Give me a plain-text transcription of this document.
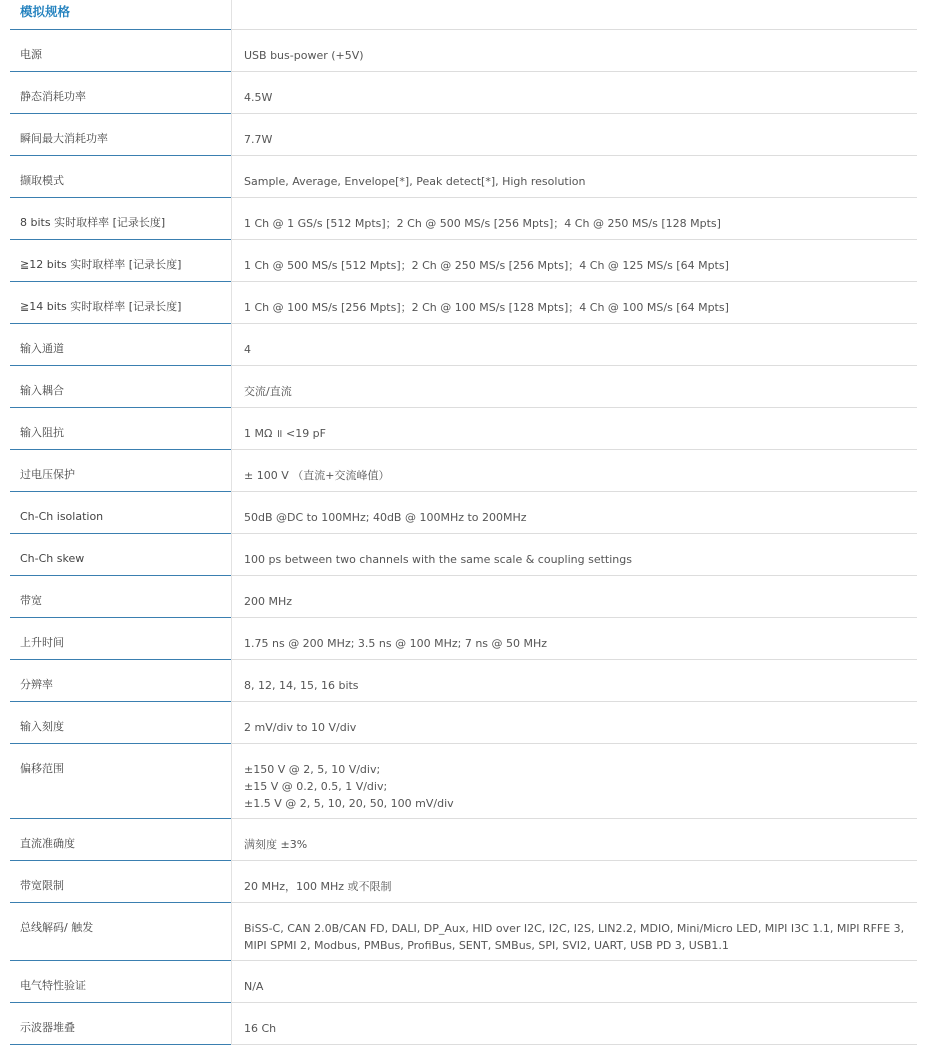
模拟规格
电源	USB bus-power (+5V)
静态消耗功率	4.5W
瞬间最大消耗功率	7.7W
撷取模式	Sample, Average, Envelope[*], Peak detect[*], High resolution
8 bits 实时取样率 [记录长度]	1 Ch @ 1 GS/s [512 Mpts]；2 Ch @ 500 MS/s [256 Mpts]；4 Ch @ 250 MS/s [128 Mpts]
≧12 bits 实时取样率 [记录长度]	1 Ch @ 500 MS/s [512 Mpts]；2 Ch @ 250 MS/s [256 Mpts]；4 Ch @ 125 MS/s [64 Mpts]
≧14 bits 实时取样率 [记录长度]	1 Ch @ 100 MS/s [256 Mpts]；2 Ch @ 100 MS/s [128 Mpts]；4 Ch @ 100 MS/s [64 Mpts]
输入通道	4
输入耦合	交流/直流
输入阻抗	1 MΩ ॥ <19 pF
过电压保护	± 100 V （直流+交流峰值）
Ch-Ch isolation	50dB @DC to 100MHz; 40dB @ 100MHz to 200MHz
Ch-Ch skew	100 ps between two channels with the same scale & coupling settings
带宽	200 MHz
上升时间	1.75 ns @ 200 MHz; 3.5 ns @ 100 MHz; 7 ns @ 50 MHz
分辨率	8, 12, 14, 15, 16 bits
输入刻度	2 mV/div to 10 V/div
偏移范围	±150 V @ 2, 5, 10 V/div;
±15 V @ 0.2, 0.5, 1 V/div;
±1.5 V @ 2, 5, 10, 20, 50, 100 mV/div
直流准确度	满刻度 ±3%
带宽限制	20 MHz，100 MHz 或不限制
总线解码/ 触发	BiSS-C, CAN 2.0B/CAN FD, DALI, DP_Aux, HID over I2C, I2C, I2S, LIN2.2, MDIO, Mini/Micro LED, MIPI I3C 1.1, MIPI RFFE 3,
MIPI SPMI 2, Modbus, PMBus, ProfiBus, SENT, SMBus, SPI, SVI2, UART, USB PD 3, USB1.1
电气特性验证	N/A
示波器堆叠	16 Ch
